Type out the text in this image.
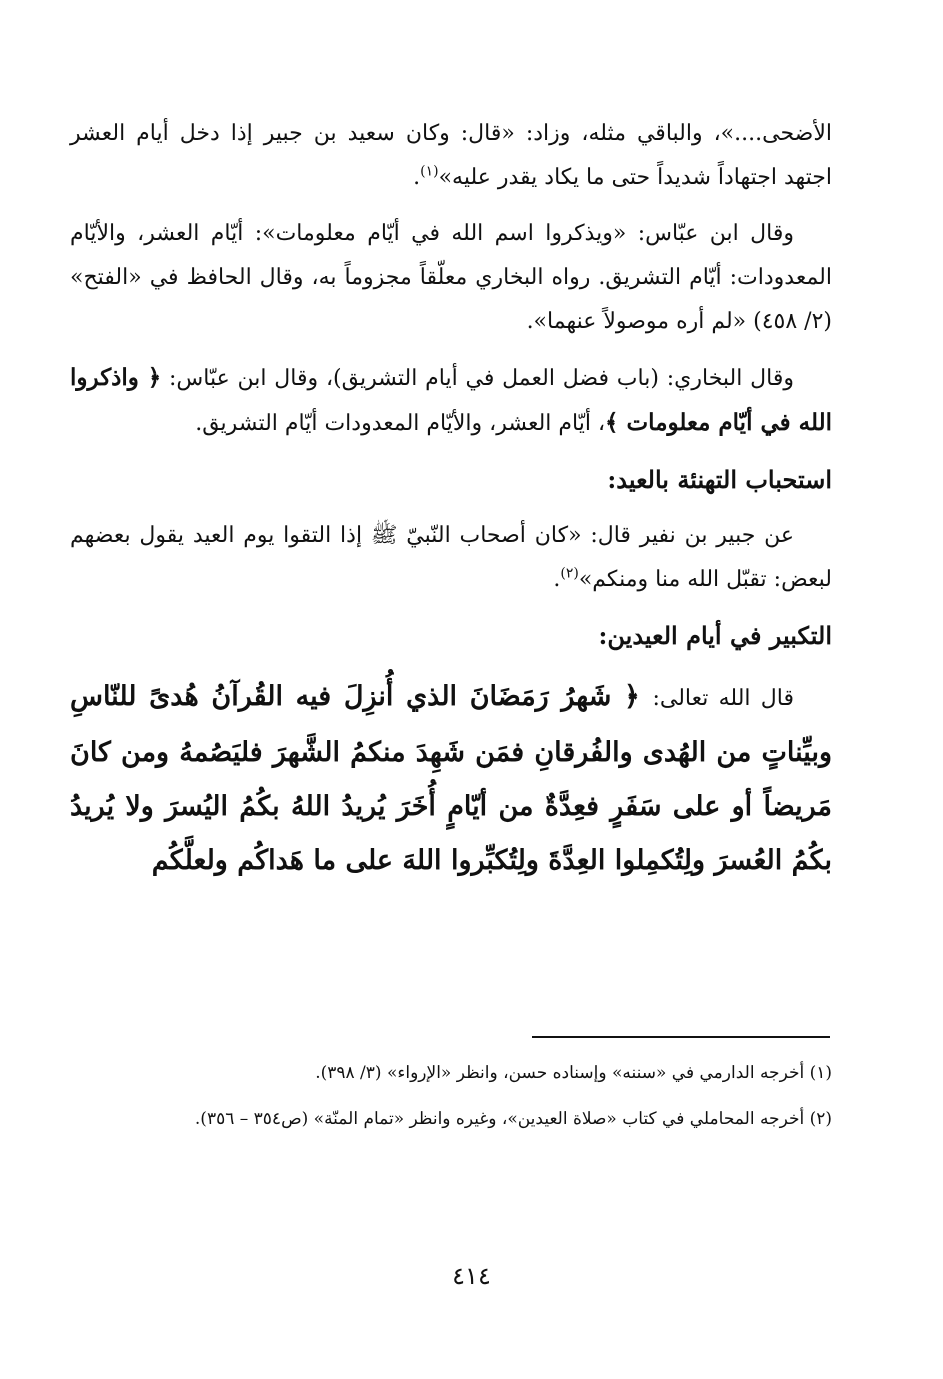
الأضحى....»، والباقي مثله، وزاد: «قال: وكان سعيد بن جبير إذا دخل أيام العشر اجتهد اجتهاداً شديداً حتى ما يكاد يقدر عليه»$^{(١)}$.

وقال ابن عبّاس: «ويذكروا اسم الله في أيّام معلومات»: أيّام العشر، والأيّام المعدودات: أيّام التشريق. رواه البخاري معلّقاً مجزوماً به، وقال الحافظ في «الفتح» (٢/ ٤٥٨) «لم أره موصولاً عنهما».

وقال البخاري: (باب فضل العمل في أيام التشريق)، وقال ابن عبّاس: ﴿ واذكروا الله في أيّام معلومات ﴾، أيّام العشر، والأيّام المعدودات أيّام التشريق.

استحباب التهنئة بالعيد:

عن جبير بن نفير قال: «كان أصحاب النّبيّ ﷺ إذا التقوا يوم العيد يقول بعضهم لبعض: تقبّل الله منا ومنكم»$^{(٢)}$.

التكبير في أيام العيدين:

قال الله تعالى: ﴿ شَهرُ رَمَضَانَ الذي أُنزِلَ فيه القُرآنُ هُدىً للنّاسِ وبيِّناتٍ من الهُدى والفُرقانِ فمَن شَهِدَ منكمُ الشَّهرَ فليَصُمهُ ومن كانَ مَريضاً أو على سَفَرٍ فعِدَّةٌ من أيّامٍ أُخَرَ يُريدُ اللهُ بكُمُ اليُسرَ ولا يُريدُ بكُمُ العُسرَ ولِتُكمِلوا العِدَّةَ ولِتُكبِّروا اللهَ على ما هَداكُم ولعلَّكُم

(١) أخرجه الدارمي في «سننه» وإسناده حسن، وانظر «الإرواء» (٣/ ٣٩٨).

(٢) أخرجه المحاملي في كتاب «صلاة العيدين»، وغيره وانظر «تمام المنّة» (ص٣٥٤ – ٣٥٦).

٤١٤
